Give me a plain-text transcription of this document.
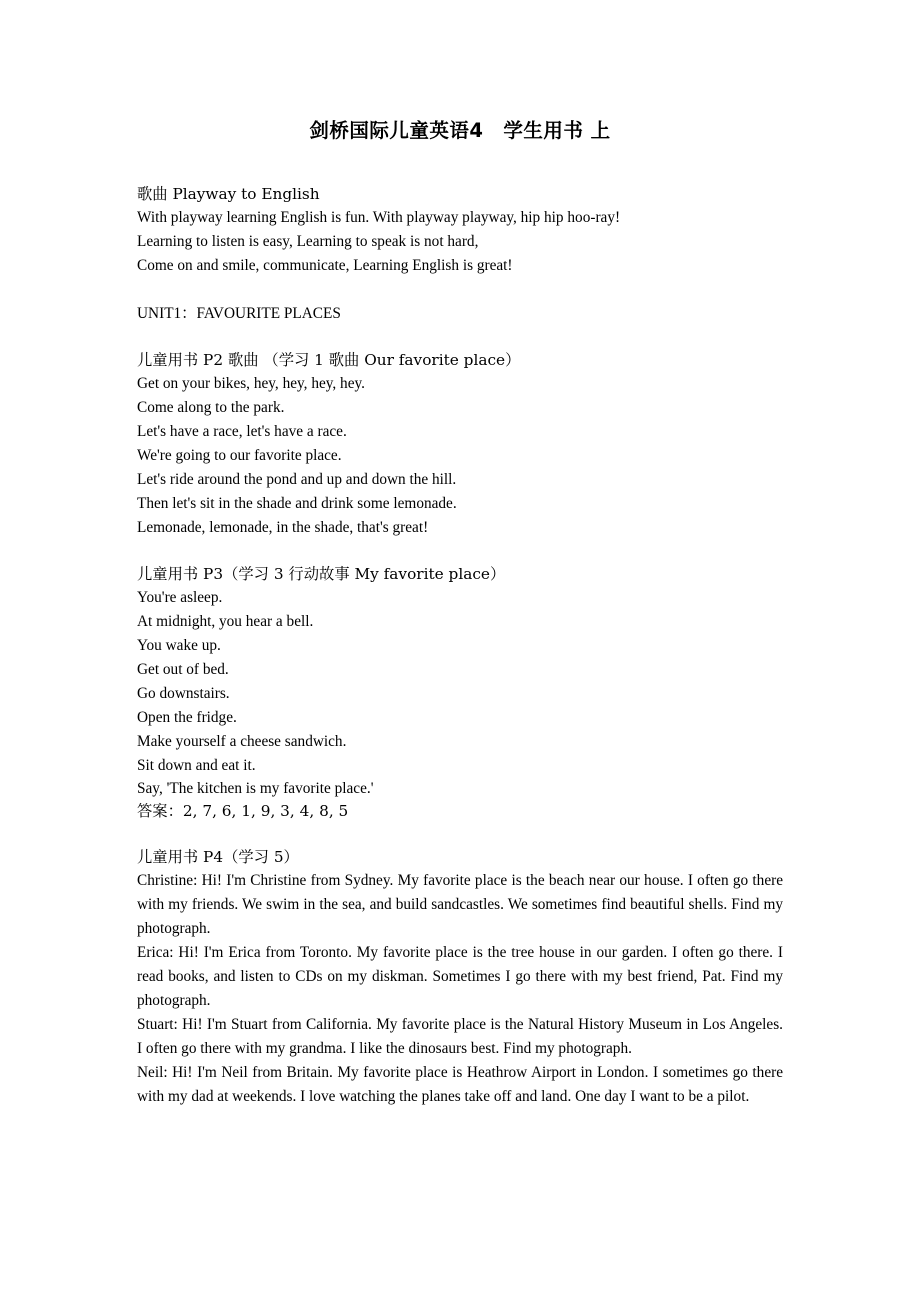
剑桥国际儿童英语4　学生用书 上

歌曲 Playway to English

With playway learning English is fun. With playway playway, hip hip hoo-ray!

Learning to listen is easy, Learning to speak is not hard,

Come on and smile, communicate, Learning English is great!

UNIT1：FAVOURITE PLACES

儿童用书 P2 歌曲 （学习 1 歌曲 Our favorite place）

Get on your bikes, hey, hey, hey, hey.

Come along to the park.

Let's have a race, let's have a race.

We're going to our favorite place.

Let's ride around the pond and up and down the hill.

Then let's sit in the shade and drink some lemonade.

Lemonade, lemonade, in the shade, that's great!

儿童用书 P3（学习 3 行动故事 My favorite place）

You're asleep.

At midnight, you hear a bell.

You wake up.

Get out of bed.

Go downstairs.

Open the fridge.

Make yourself a cheese sandwich.

Sit down and eat it.

Say, 'The kitchen is my favorite place.'

答案：2, 7, 6, 1, 9, 3, 4, 8, 5

儿童用书 P4（学习 5）

Christine: Hi! I'm Christine from Sydney. My favorite place is the beach near our house. I often go there with my friends. We swim in the sea, and build sandcastles. We sometimes find beautiful shells. Find my photograph.

Erica: Hi! I'm Erica from Toronto. My favorite place is the tree house in our garden. I often go there. I read books, and listen to CDs on my diskman. Sometimes I go there with my best friend, Pat. Find my photograph.

Stuart: Hi! I'm Stuart from California. My favorite place is the Natural History Museum in Los Angeles. I often go there with my grandma. I like the dinosaurs best. Find my photograph.

Neil: Hi! I'm Neil from Britain. My favorite place is Heathrow Airport in London. I sometimes go there with my dad at weekends. I love watching the planes take off and land. One day I want to be a pilot.
